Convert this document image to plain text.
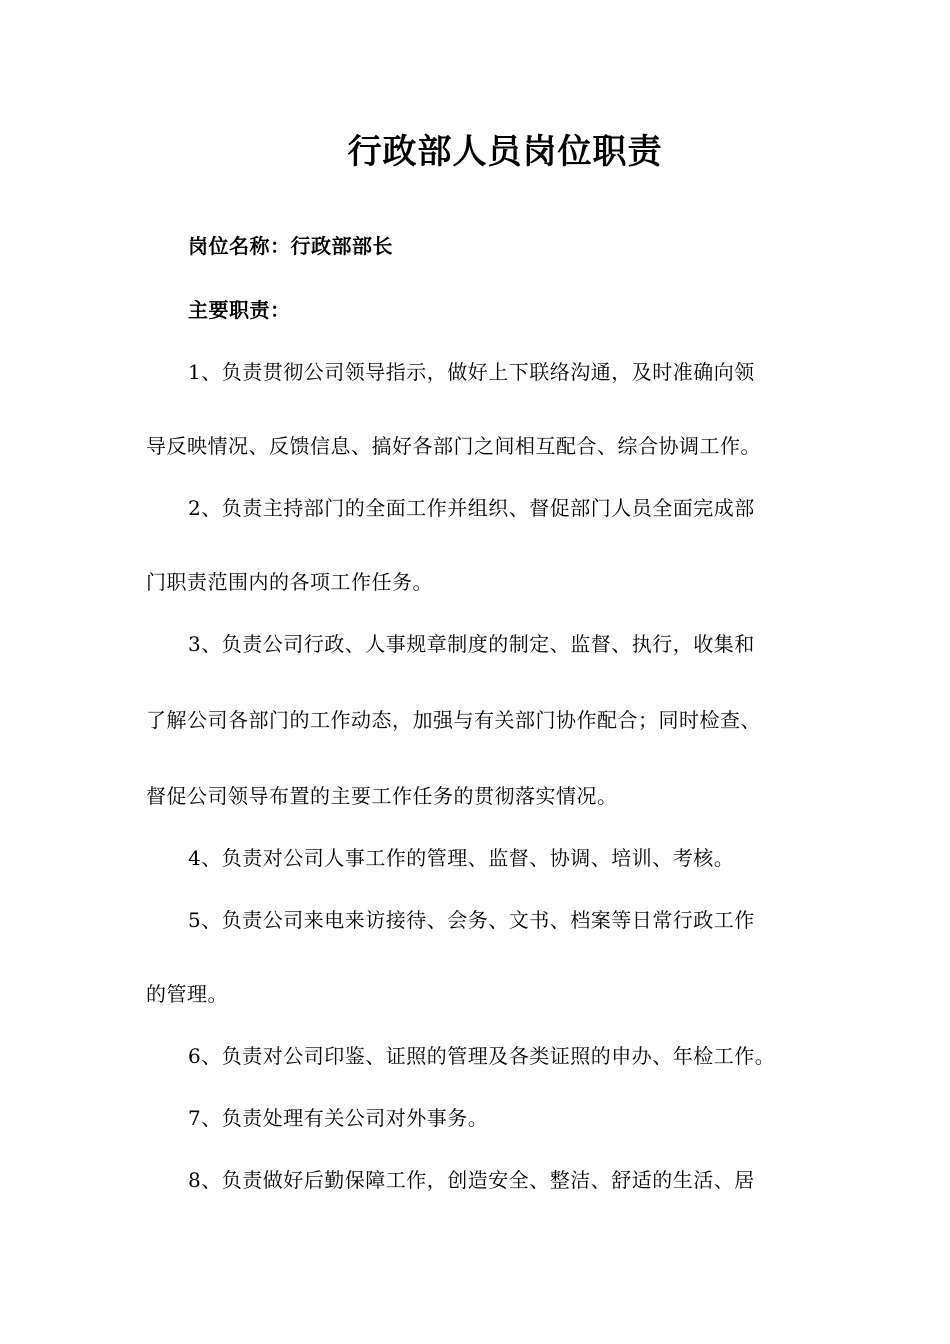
行政部人员岗位职责
岗位名称：行政部部长
主要职责：
1、负责贯彻公司领导指示，做好上下联络沟通，及时准确向领
导反映情况、反馈信息、搞好各部门之间相互配合、综合协调工作。
2、负责主持部门的全面工作并组织、督促部门人员全面完成部
门职责范围内的各项工作任务。
3、负责公司行政、人事规章制度的制定、监督、执行，收集和
了解公司各部门的工作动态，加强与有关部门协作配合；同时检查、
督促公司领导布置的主要工作任务的贯彻落实情况。
4、负责对公司人事工作的管理、监督、协调、培训、考核。
5、负责公司来电来访接待、会务、文书、档案等日常行政工作
的管理。
6、负责对公司印鉴、证照的管理及各类证照的申办、年检工作。
7、负责处理有关公司对外事务。
8、负责做好后勤保障工作，创造安全、整洁、舒适的生活、居
